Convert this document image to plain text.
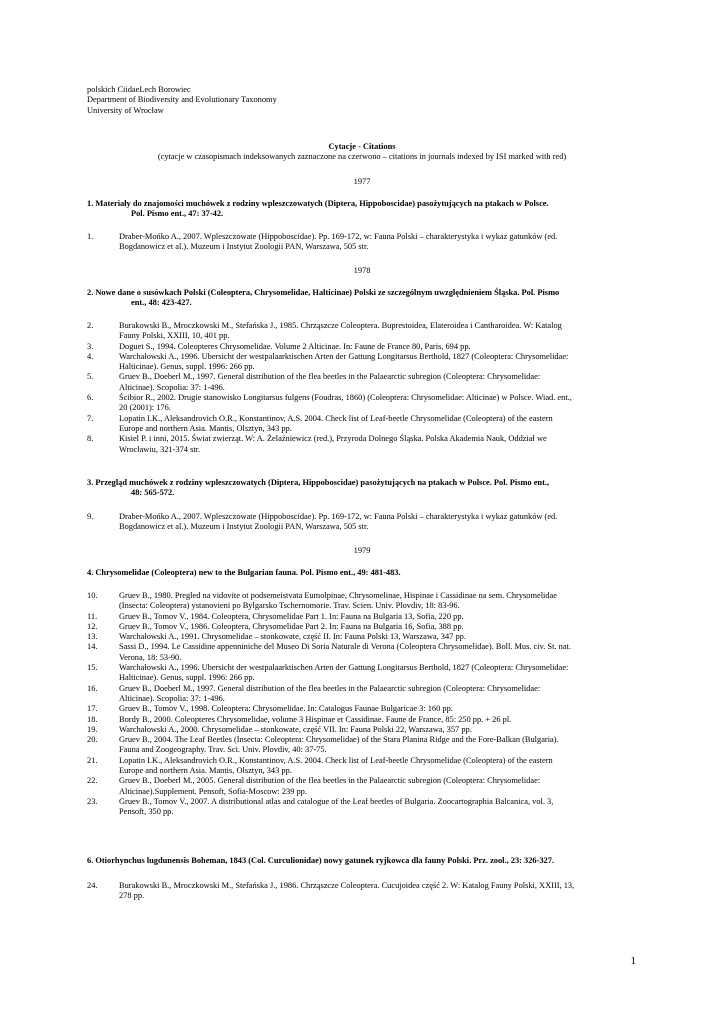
polskich CiidaeLech Borowiec
Department of Biodiversity and Evolutionary Taxonomy
University of Wrocław
Cytacje - Citations
(cytacje w czasopismach indeksowanych zaznaczone na czerwono – citations in journals indexed by ISI marked with red)
1977
1. Materiały do znajomości muchówek z rodziny wpleszczowatych (Diptera, Hippoboscidae) pasożytujących na ptakach w Polsce.
Pol. Pismo ent., 47: 37-42.
1.	Draber-Mońko A., 2007. Wpleszczowate (Hippoboscidae). Pp. 169-172, w: Fauna Polski – charakterystyka i wykaz gatunków (ed.
Bogdanowicz et al.). Muzeum i Instytut Zoologii PAN, Warszawa, 505 str.
1978
2. Nowe dane o susówkach Polski (Coleoptera, Chrysomelidae, Halticinae) Polski ze szczególnym uwzględnieniem Śląska. Pol. Pismo
ent., 48: 423-427.
2.	Burakowski B., Mroczkowski M., Stefańska J., 1985. Chrząszcze Coleoptera. Buprestoidea, Elateroidea i Cantharoidea. W: Katalog
Fauny Polski, XXIII, 10, 401 pp.
3.	Doguet S., 1994. Coleopteres Chrysomelidae. Volume 2 Alticinae. In: Faune de France 80, Paris, 694 pp.
4.	Warchałowski A., 1996. Ubersicht der westpalaarktischen Arten der Gattung Longitarsus Berthold, 1827 (Coleoptera: Chrysomelidae:
Halticinae). Genus, suppl. 1996: 266 pp.
5.	Gruev B., Doeberl M., 1997. General distribution of the flea beetles in the Palaearctic subregion (Coleoptera: Chrysomelidae:
Alticinae). Scopolia: 37: 1-496.
6.	Ścibior R., 2002. Drugie stanowisko Longitarsus fulgens (Foudras, 1860) (Coleoptera: Chrysomelidae: Alticinae) w Polsce. Wiad. ent.,
20 (2001): 176.
7.	Lopatin I.K., Aleksandrovich O.R., Konstantinov, A.S. 2004. Check list of Leaf-beetle Chrysomelidae (Coleoptera) of the eastern
Europe and northern Asia. Mantis, Olsztyn, 343 pp.
8.	Kisiel P. i inni, 2015. Świat zwierząt. W: A. Żelaźniewicz (red.), Przyroda Dolnego Śląska. Polska Akademia Nauk, Oddział we
Wrocławiu, 321-374 str.
3. Przegląd muchówek z rodziny wpleszczowatych (Diptera, Hippoboscidae) pasożytujących na ptakach w Polsce. Pol. Pismo ent.,
48: 565-572.
9.	Draber-Mońko A., 2007. Wpleszczowate (Hippoboscidae). Pp. 169-172, w: Fauna Polski – charakterystyka i wykaz gatunków (ed.
Bogdanowicz et al.). Muzeum i Instytut Zoologii PAN, Warszawa, 505 str.
1979
4. Chrysomelidae (Coleoptera) new to the Bulgarian fauna. Pol. Pismo ent., 49: 481-483.
10.	Gruev B., 1980. Pregled na vidovite ot podsemeistvata Eumolpinae, Chrysomelinae, Hispinae i Cassidinae na sem. Chrysomelidae
(Insecta: Coleoptera) ystanovieni po Bylgarsko Tschernomorie. Trav. Scien. Univ. Plovdiv, 18: 83-96.
11.	Gruev B., Tomov V., 1984. Coleoptera, Chrysomelidae Part 1. In: Fauna na Bulgaria 13, Sofia, 220 pp.
12.	Gruev B., Tomov V., 1986. Coleoptera, Chrysomelidae Part 2. In: Fauna na Bulgaria 16, Sofia, 388 pp.
13.	Warchałowski A., 1991. Chrysomelidae – stonkowate, część II. In: Fauna Polski 13, Warszawa, 347 pp.
14.	Sassi D., 1994. Le Cassidine appenniniche del Museo Di Soria Naturale di Verona (Coleoptera Chrysomelidae). Boll. Mus. civ. St. nat.
Verona, 18: 53-90.
15.	Warchałowski A., 1996. Ubersicht der westpalaarktischen Arten der Gattung Longitarsus Berthold, 1827 (Coleoptera: Chrysomelidae:
Halticinae). Genus, suppl. 1996: 266 pp.
16.	Gruev B., Doeberl M., 1997. General distribution of the flea beetles in the Palaearctic subregion (Coleoptera: Chrysomelidae:
Alticinae). Scopolia: 37: 1-496.
17.	Gruev B., Tomov V., 1998. Coleoptera: Chrysomelidae. In: Catalogus Faunae Bulgaricae 3: 160 pp.
18.	Bordy B., 2000. Coleopteres Chrysomelidae, volume 3 Hispinae et Cassidinae. Faune de France, 85: 250 pp. + 26 pl.
19.	Warchałowski A., 2000. Chrysomelidae – stonkowate, część VII. In: Fauna Polski 22, Warszawa, 357 pp.
20.	Gruev B., 2004. The Leaf Beetles (Insecta: Coleoptera: Chrysomelidae) of the Stara Planina Ridge and the Fore-Balkan (Bulgaria).
Fauna and Zoogeography. Trav. Sci. Univ. Plovdiv, 40: 37-75.
21.	Lopatin I.K., Aleksandrovich O.R., Konstantinov, A.S. 2004. Check list of Leaf-beetle Chrysomelidae (Coleoptera) of the eastern
Europe and northern Asia. Mantis, Olsztyn, 343 pp.
22.	Gruev B., Doeberl M., 2005. General distribution of the flea beetles in the Palaearctic subregion (Coleoptera: Chrysomelidae:
Alticinae).Supplement. Pensoft, Sofia-Moscow: 239 pp.
23.	Gruev B., Tomov V., 2007. A distributional atlas and catalogue of the Leaf beetles of Bulgaria. Zoocartographia Balcanica, vol. 3,
Pensoft, 350 pp.
6. Otiorhynchus lugdunensis Boheman, 1843 (Col. Curculionidae) nowy gatunek ryjkowca dla fauny Polski. Prz. zool., 23: 326-327.
24.	Burakowski B., Mroczkowski M., Stefańska J., 1986. Chrząszcze Coleoptera. Cucujoidea część 2. W: Katalog Fauny Polski, XXIII, 13,
278 pp.
1
